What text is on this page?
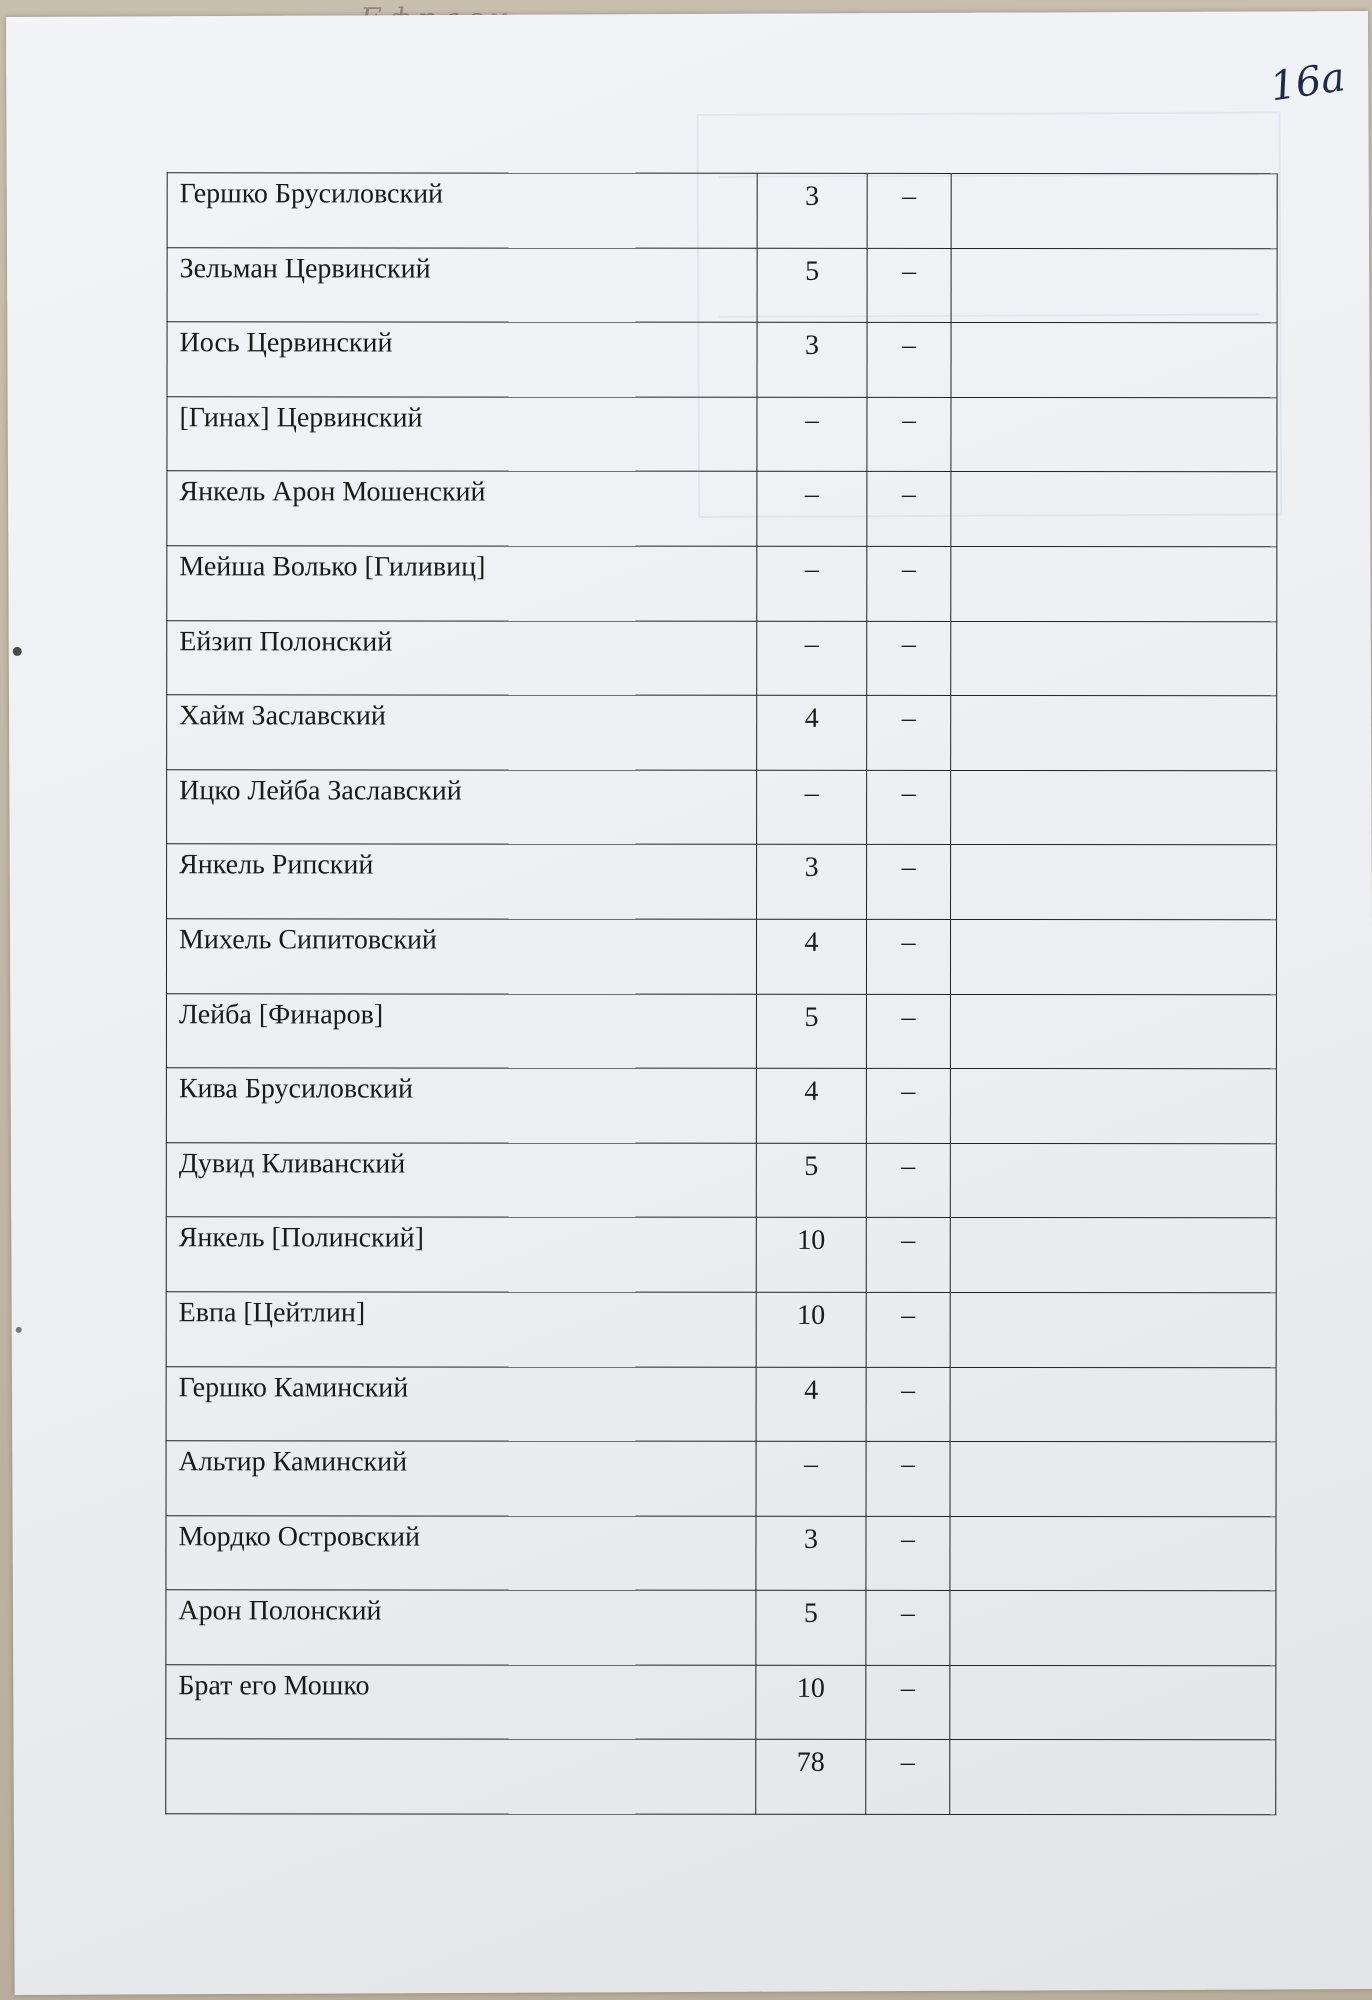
16а
Гершко Брусиловский	3	–	
Зельман Цервинский	5	–	
Иось Цервинский	3	–	
[Гинах] Цервинский	–	–	
Янкель Арон Мошенский	–	–	
Мейша Волько [Гиливиц]	–	–	
Ейзип Полонский	–	–	
Хайм Заславский	4	–	
Ицко Лейба Заславский	–	–	
Янкель Рипский	3	–	
Михель Сипитовский	4	–	
Лейба [Финаров]	5	–	
Кива Брусиловский	4	–	
Дувид Кливанский	5	–	
Янкель [Полинский]	10	–	
Евпа [Цейтлин]	10	–	
Гершко Каминский	4	–	
Альтир Каминский	–	–	
Мордко Островский	3	–	
Арон Полонский	5	–	
Брат его Мошко	10	–	
	78	–	
